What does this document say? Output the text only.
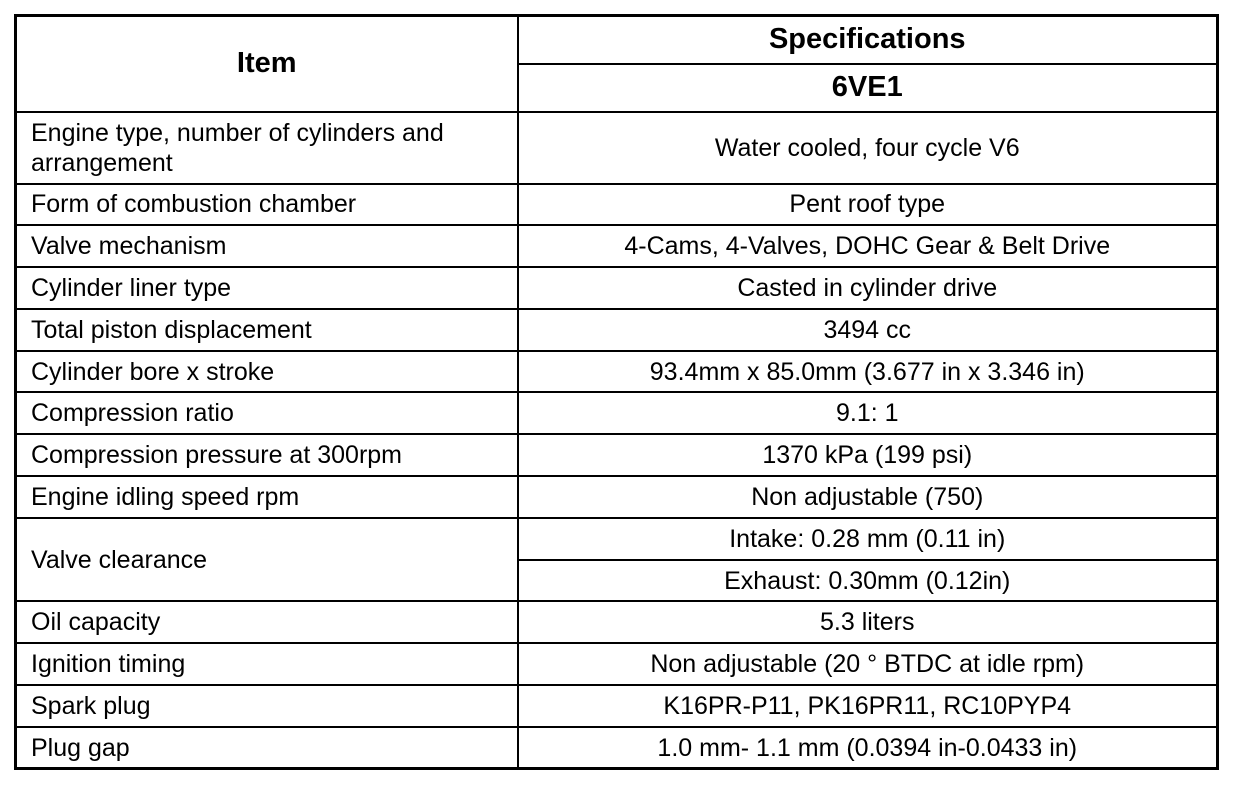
Item	Specifications
	6VE1
Engine type, number of cylinders and arrangement	Water cooled, four cycle V6
Form of combustion chamber	Pent roof type
Valve mechanism	4-Cams, 4-Valves, DOHC Gear & Belt Drive
Cylinder liner type	Casted in cylinder drive
Total piston displacement	3494 cc
Cylinder bore x stroke	93.4mm x 85.0mm (3.677 in x 3.346 in)
Compression ratio	9.1: 1
Compression pressure at 300rpm	1370 kPa (199 psi)
Engine idling speed rpm	Non adjustable (750)
Valve clearance	Intake: 0.28 mm (0.11 in)
	Exhaust: 0.30mm (0.12in)
Oil capacity	5.3 liters
Ignition timing	Non adjustable (20 ° BTDC at idle rpm)
Spark plug	K16PR-P11, PK16PR11, RC10PYP4
Plug gap	1.0 mm- 1.1 mm (0.0394 in-0.0433 in)
